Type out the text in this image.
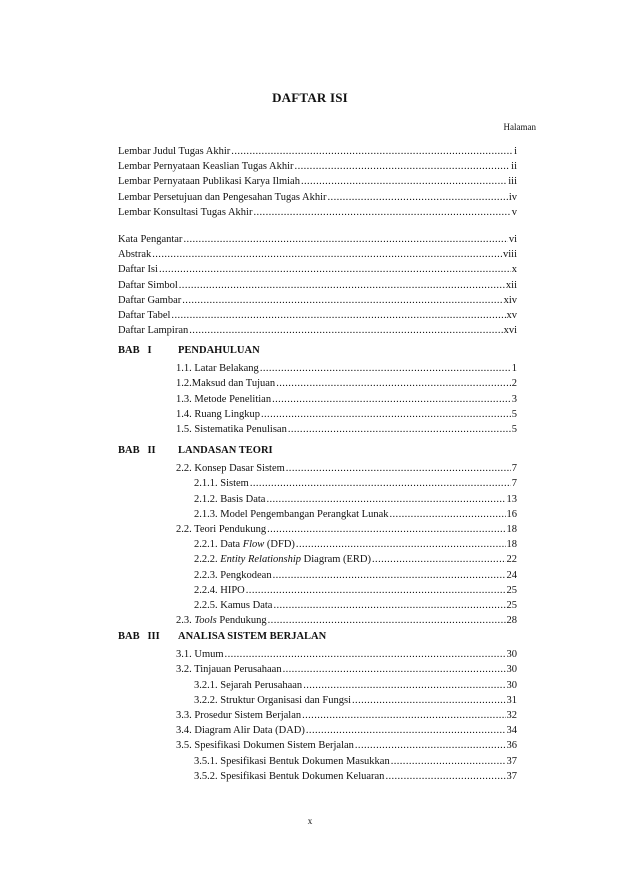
DAFTAR ISI
Halaman
Lembar Judul Tugas Akhir .....	i
Lembar Pernyataan Keaslian Tugas Akhir .....	ii
Lembar Pernyataan Publikasi Karya Ilmiah .....	iii
Lembar Persetujuan dan Pengesahan Tugas Akhir .....	iv
Lembar Konsultasi Tugas Akhir .....	v
Kata Pengantar .....	vi
Abstrak .....	viii
Daftar Isi .....	x
Daftar Simbol .....	xii
Daftar Gambar .....	xiv
Daftar Tabel .....	xv
Daftar Lampiran .....	xvi
BAB   I	PENDAHULUAN
1.1. Latar Belakang .....	1
1.2.Maksud dan Tujuan .....	2
1.3. Metode Penelitian .....	3
1.4. Ruang Lingkup .....	5
1.5. Sistematika Penulisan .....	5
BAB   II LANDASAN TEORI
2.2. Konsep Dasar Sistem .....	7
2.1.1. Sistem .....	7
2.1.2. Basis Data .....	13
2.1.3. Model Pengembangan Perangkat Lunak .....	16
2.2. Teori Pendukung .....	18
2.2.1. Data Flow (DFD) .....	18
2.2.2. Entity Relationship Diagram (ERD) .....	22
2.2.3. Pengkodean .....	24
2.2.4. HIPO .....	25
2.2.5. Kamus Data .....	25
2.3. Tools Pendukung .....	28
BAB   III ANALISA SISTEM BERJALAN
3.1. Umum .....	30
3.2. Tinjauan Perusahaan .....	30
3.2.1. Sejarah Perusahaan .....	30
3.2.2. Struktur Organisasi dan Fungsi .....	31
3.3. Prosedur Sistem Berjalan .....	32
3.4. Diagram Alir Data (DAD) .....	34
3.5. Spesifikasi Dokumen Sistem Berjalan .....	36
3.5.1. Spesifikasi Bentuk Dokumen Masukkan .....	37
3.5.2. Spesifikasi Bentuk Dokumen Keluaran .....	37
x
